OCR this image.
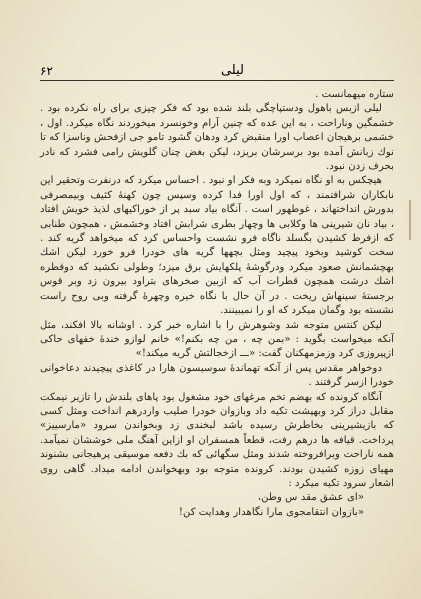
۶۲	لیلی

ستاره میهمانست .

لیلی ازبس باهول ودستپاچگی بلند شده بود که فکر چیزی برای راه نکرده بود . خشمگین وناراحت ، به این عده که چنین آرام وخونسرد میخوردند نگاه میکرد. اول ، خشمی برهیجان اعصاب اورا منقبض کرد ودهان گشود تامو جی ازفحش وناسزا که تا نوك زبانش آمده بود برسرشان بریزد، لیکن بغض چنان گلویش رامی فشرد که نادر بحرف زدن نبود.

هیچکس به او نگاه نمیکرد وبه فکر او نبود . احساس میکرد که درنفرت وتحقیر این نابکاران شرافتمند ، که اول اورا فدا کرده وسپس چون کهنهٔ کثیف وبیمصرفی بدورش انداختهاند ، غوطهور است . آنگاه بیاد سبد پر از خوراکیهای لذیذ خویش افتاد ، بیاد نان شیرینی ها وکلابی ها وچهار بطری شرابش افتاد وخشمش ، همچون طنابی که ازفرط کشیدن بگسلد ناگاه فرو نشست واحساس کرد که میخواهد گریه کند . سخت کوشید وبخود پیچید ومثل بچهها گریه های خودرا فرو خورد لیکن اشك بهچشمانش صعود میکرد ودرگوشهٔ پلكهایش برق میزد؛ وطولی نکشید که دوقطره اشك درشت همچون قطرات آب که ازبین صخرهای بتراود بیرون زد وبر قوس برجستهٔ سینهاش ریخت . در آن حال با نگاه خیره وچهرهٔ گرفته وبی روح راست نشسته بود وگمان میکرد که او را نمیبینند.

لیکن کنتس متوجه شد وشوهرش را با اشاره خبر کرد . اوشانه بالا افکند، مثل آنکه میخواست بگوید : «بمن چه ، من چه بکنم!» خانم لوازو خندهٔ خفهای حاکی ازپیروزی کرد وزمزمهکنان گفت: «ـــ ازخجالتش گریه میکند!»

دوخواهر مقدس پس از آنکه تهماندهٔ سوسیسون هارا در کاغذی پیچیدند دعاخوانی خودرا ازسر گرفتند .

آنگاه کرونده که بهضم تخم مرغهای خود مشغول بود پاهای بلندش را تازیر نیمکت مقابل دراز کرد وبهپشت تکیه داد وبازوان خودرا صلیب واردرهم انداخت ومثل کسی که بازیشیرینی بخاطرش رسیده باشد لبخندی زد وبخواندن سرود «مارسییز» پرداخت. قیافه ها درهم رفت، قطعاً همسفران او ازاین آهنگ ملی خوششان نمیآمد. همه ناراحت وبرافروخته شدند ومثل سگهائی که بك دفعه موسیقی پرهیجانی بشنوند مهیای زوزه کشیدن بودند. کرونده متوجه بود وبهخواندن ادامه میداد. گاهی روی اشعار سرود تکیه میکرد :

«ای عشق مقد س وطن،

«بازوان انتقامجوی مارا نگاهدار وهدایت کن!
